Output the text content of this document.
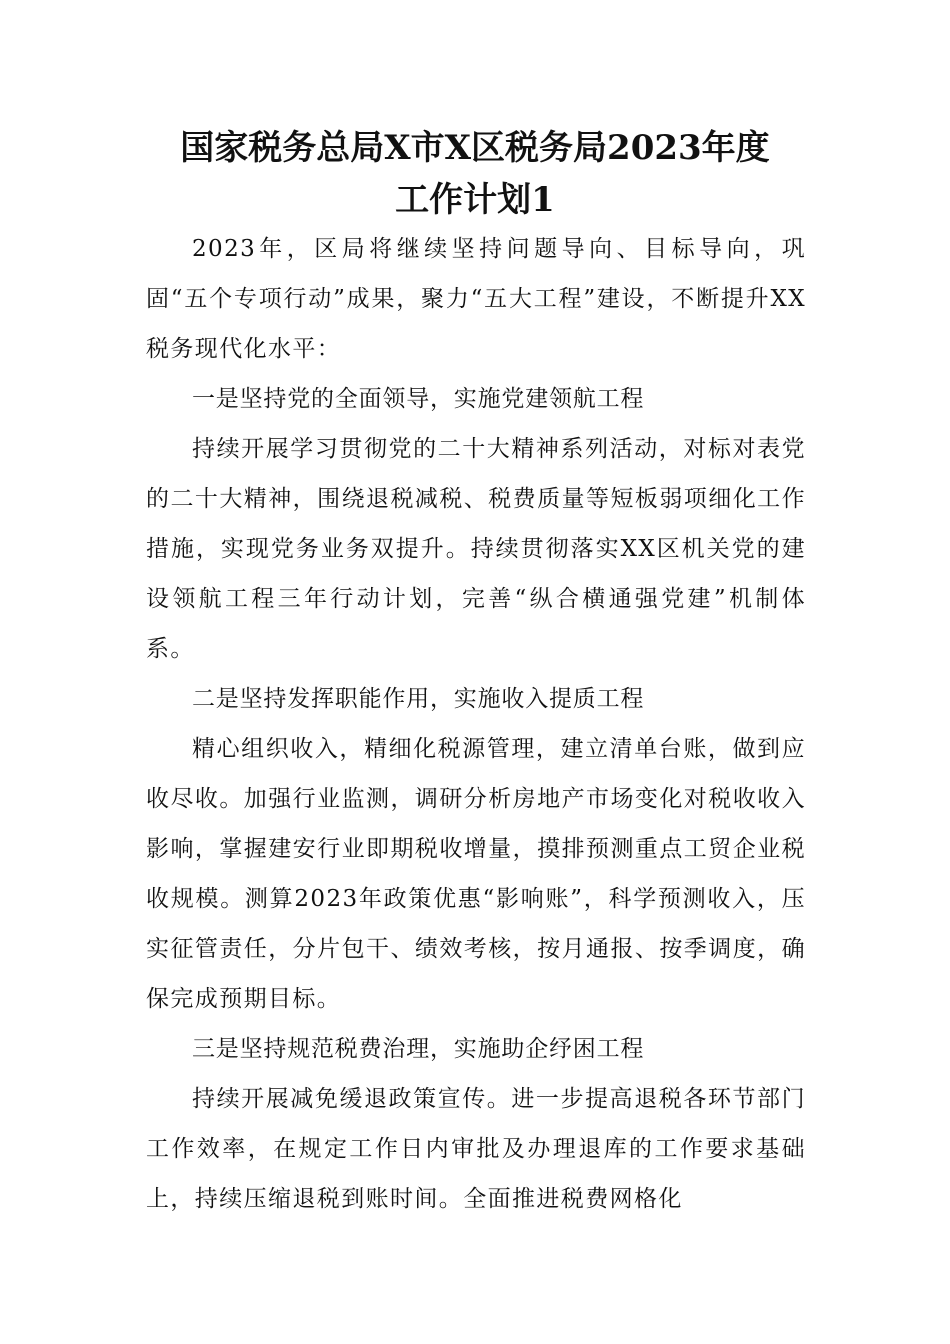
国家税务总局X市X区税务局2023年度
工作计划1

2023年，区局将继续坚持问题导向、目标导向，巩固“五个专项行动”成果，聚力“五大工程”建设，不断提升XX税务现代化水平：

一是坚持党的全面领导，实施党建领航工程

持续开展学习贯彻党的二十大精神系列活动，对标对表党的二十大精神，围绕退税减税、税费质量等短板弱项细化工作措施，实现党务业务双提升。持续贯彻落实XX区机关党的建设领航工程三年行动计划，完善“纵合横通强党建”机制体系。

二是坚持发挥职能作用，实施收入提质工程

精心组织收入，精细化税源管理，建立清单台账，做到应收尽收。加强行业监测，调研分析房地产市场变化对税收收入影响，掌握建安行业即期税收增量，摸排预测重点工贸企业税收规模。测算2023年政策优惠“影响账”，科学预测收入，压实征管责任，分片包干、绩效考核，按月通报、按季调度，确保完成预期目标。

三是坚持规范税费治理，实施助企纾困工程

持续开展减免缓退政策宣传。进一步提高退税各环节部门工作效率，在规定工作日内审批及办理退库的工作要求基础上，持续压缩退税到账时间。全面推进税费网格化
